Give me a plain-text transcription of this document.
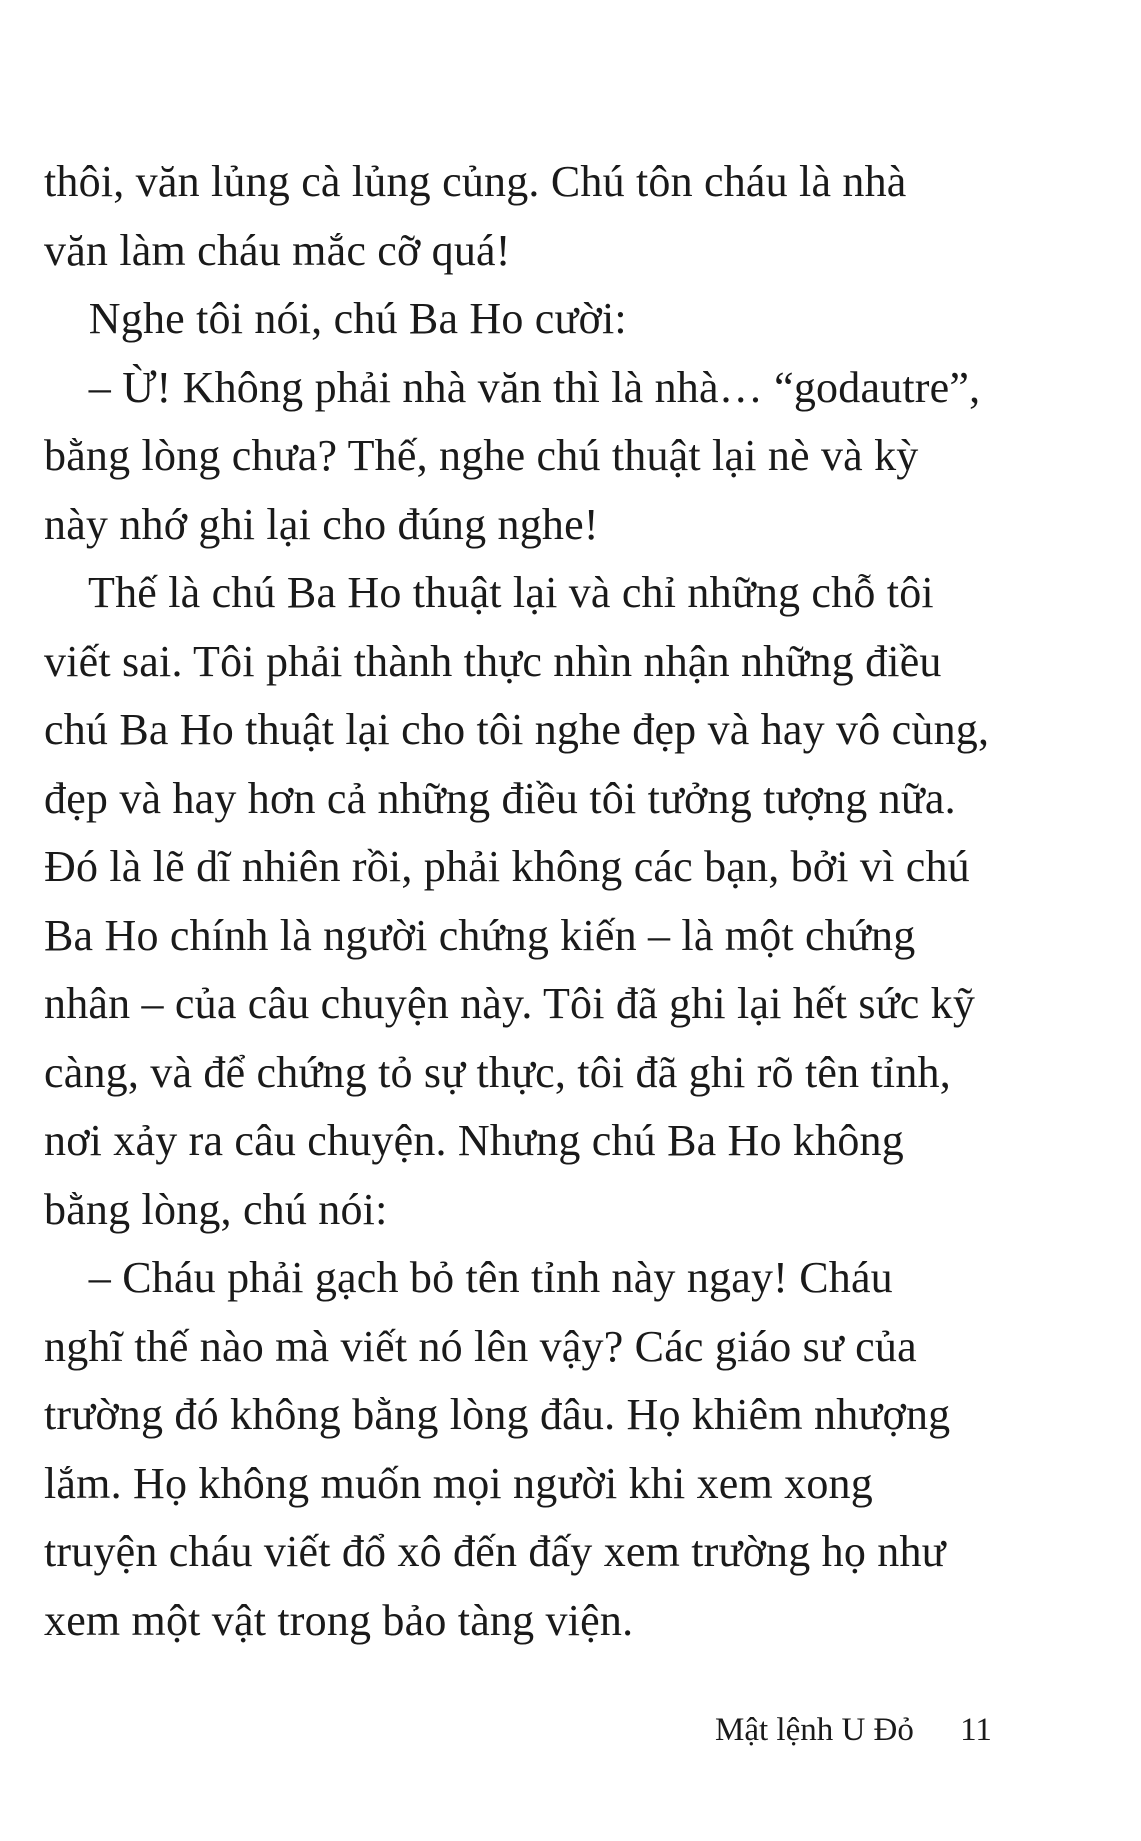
thôi, văn lủng cà lủng củng. Chú tôn cháu là nhà
văn làm cháu mắc cỡ quá!
Nghe tôi nói, chú Ba Ho cười:
– Ừ! Không phải nhà văn thì là nhà… “godautre”,
bằng lòng chưa? Thế, nghe chú thuật lại nè và kỳ
này nhớ ghi lại cho đúng nghe!
Thế là chú Ba Ho thuật lại và chỉ những chỗ tôi
viết sai. Tôi phải thành thực nhìn nhận những điều
chú Ba Ho thuật lại cho tôi nghe đẹp và hay vô cùng,
đẹp và hay hơn cả những điều tôi tưởng tượng nữa.
Đó là lẽ dĩ nhiên rồi, phải không các bạn, bởi vì chú
Ba Ho chính là người chứng kiến – là một chứng
nhân – của câu chuyện này. Tôi đã ghi lại hết sức kỹ
càng, và để chứng tỏ sự thực, tôi đã ghi rõ tên tỉnh,
nơi xảy ra câu chuyện. Nhưng chú Ba Ho không
bằng lòng, chú nói:
– Cháu phải gạch bỏ tên tỉnh này ngay! Cháu
nghĩ thế nào mà viết nó lên vậy? Các giáo sư của
trường đó không bằng lòng đâu. Họ khiêm nhượng
lắm. Họ không muốn mọi người khi xem xong
truyện cháu viết đổ xô đến đấy xem trường họ như
xem một vật trong bảo tàng viện.
Mật lệnh U Đỏ 11
